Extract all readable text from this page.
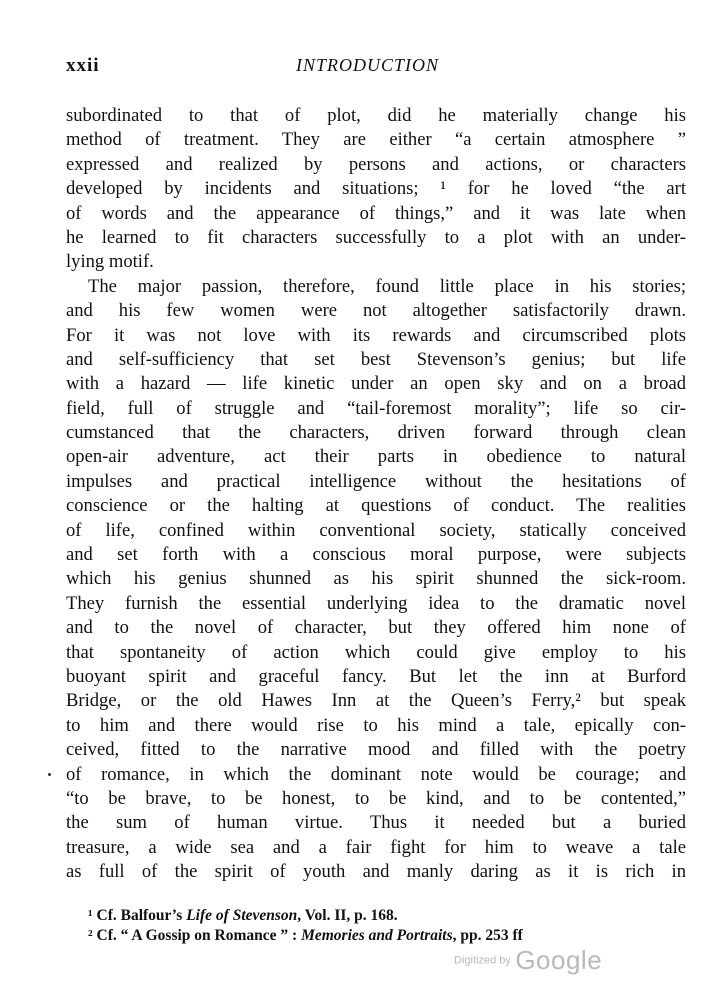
xxii	INTRODUCTION
subordinated to that of plot, did he materially change his
method of treatment. They are either “a certain atmosphere ”
expressed and realized by persons and actions, or characters
developed by incidents and situations; ¹ for he loved “the art
of words and the appearance of things,” and it was late when
he learned to fit characters successfully to a plot with an under-
lying motif.
The major passion, therefore, found little place in his stories;
and his few women were not altogether satisfactorily drawn.
For it was not love with its rewards and circumscribed plots
and self-sufficiency that set best Stevenson’s genius; but life
with a hazard — life kinetic under an open sky and on a broad
field, full of struggle and “tail-foremost morality”; life so cir-
cumstanced that the characters, driven forward through clean
open-air adventure, act their parts in obedience to natural
impulses and practical intelligence without the hesitations of
conscience or the halting at questions of conduct. The realities
of life, confined within conventional society, statically conceived
and set forth with a conscious moral purpose, were subjects
which his genius shunned as his spirit shunned the sick-room.
They furnish the essential underlying idea to the dramatic novel
and to the novel of character, but they offered him none of
that spontaneity of action which could give employ to his
buoyant spirit and graceful fancy. But let the inn at Burford
Bridge, or the old Hawes Inn at the Queen’s Ferry,² but speak
to him and there would rise to his mind a tale, epically con-
ceived, fitted to the narrative mood and filled with the poetry
of romance, in which the dominant note would be courage; and
“to be brave, to be honest, to be kind, and to be contented,”
the sum of human virtue. Thus it needed but a buried
treasure, a wide sea and a fair fight for him to weave a tale
as full of the spirit of youth and manly daring as it is rich in
¹ Cf. Balfour’s Life of Stevenson, Vol. II, p. 168.
² Cf. “ A Gossip on Romance ” : Memories and Portraits, pp. 253 ff
Digitized by Google
